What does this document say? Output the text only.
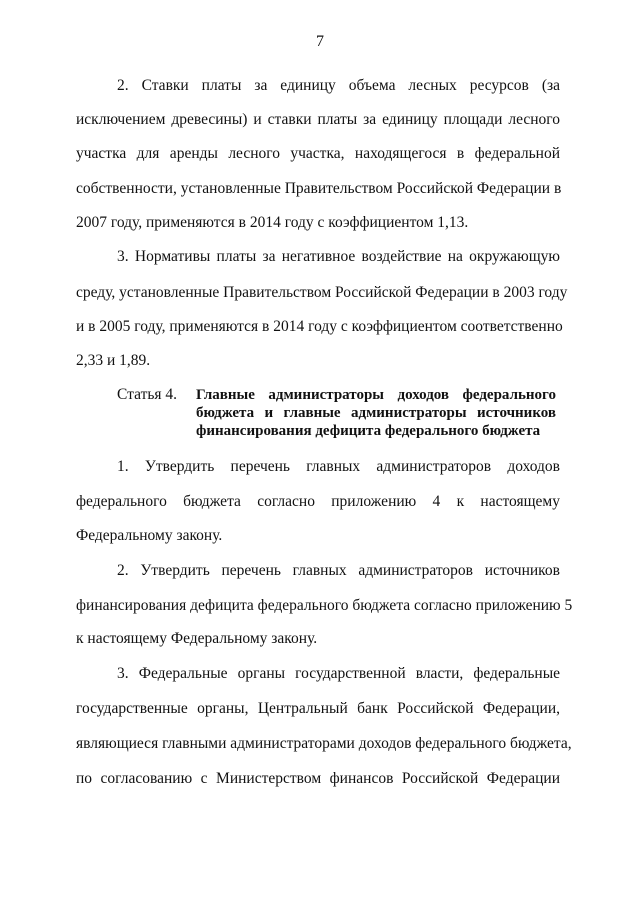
7
2. Ставки платы за единицу объема лесных ресурсов (за
исключением древесины) и ставки платы за единицу площади лесного
участка для аренды лесного участка, находящегося в федеральной
собственности, установленные Правительством Российской Федерации в
2007 году, применяются в 2014 году с коэффициентом 1,13.
3. Нормативы платы за негативное воздействие на окружающую
среду, установленные Правительством Российской Федерации в 2003 году
и в 2005 году, применяются в 2014 году с коэффициентом соответственно
2,33 и 1,89.
Статья 4. Главные администраторы доходов федерального
бюджета и главные администраторы источников
финансирования дефицита федерального бюджета
1. Утвердить перечень главных администраторов доходов
федерального бюджета согласно приложению 4 к настоящему
Федеральному закону.
2. Утвердить перечень главных администраторов источников
финансирования дефицита федерального бюджета согласно приложению 5
к настоящему Федеральному закону.
3. Федеральные органы государственной власти, федеральные
государственные органы, Центральный банк Российской Федерации,
являющиеся главными администраторами доходов федерального бюджета,
по согласованию с Министерством финансов Российской Федерации
